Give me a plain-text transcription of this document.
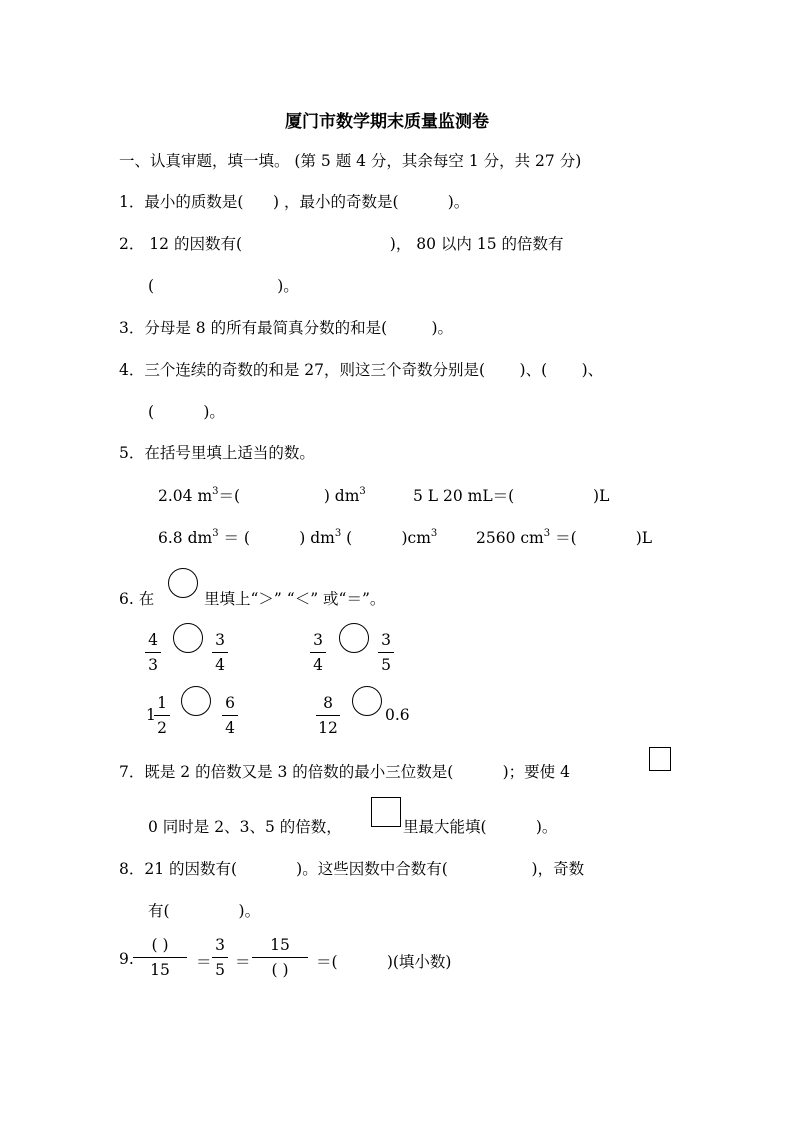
厦门市数学期末质量监测卷
一、认真审题，填一填。 (第 5 题 4 分，其余每空 1 分，共 27 分)
1．最小的质数是(      ) ，最小的奇数是(          )。
2． 12 的因数有(                              )， 80 以内 15 的倍数有
(                         )。
3．分母是 8 的所有最简真分数的和是(         )。
4．三个连续的奇数的和是 27，则这三个奇数分别是(       )、(       )、
(          )。
5．在括号里填上适当的数。
2.04 $m^3=$(                 ) $dm^3$	5 L 20 mL＝(                )L
6.8 $dm^3$ ＝ (          ) $dm^3$ (          )$cm^3$ 2560 $cm^3$ ＝(            )L
6. 在	里填上“＞” “＜” 或“＝”。
4
3
3
4
3
4
3
5
1
1
2
6
4
8
12
0.6
7．既是 2 的倍数又是 3 的倍数的最小三位数是(          )；要使 4
0 同时是 2、3、5 的倍数，	里最大能填(          )。
8．21 的因数有(            )。这些因数中合数有(                 )，奇数
有(              )。
9.
( )
15	＝
3
5 ＝
15
( )	＝(          )(填小数)
